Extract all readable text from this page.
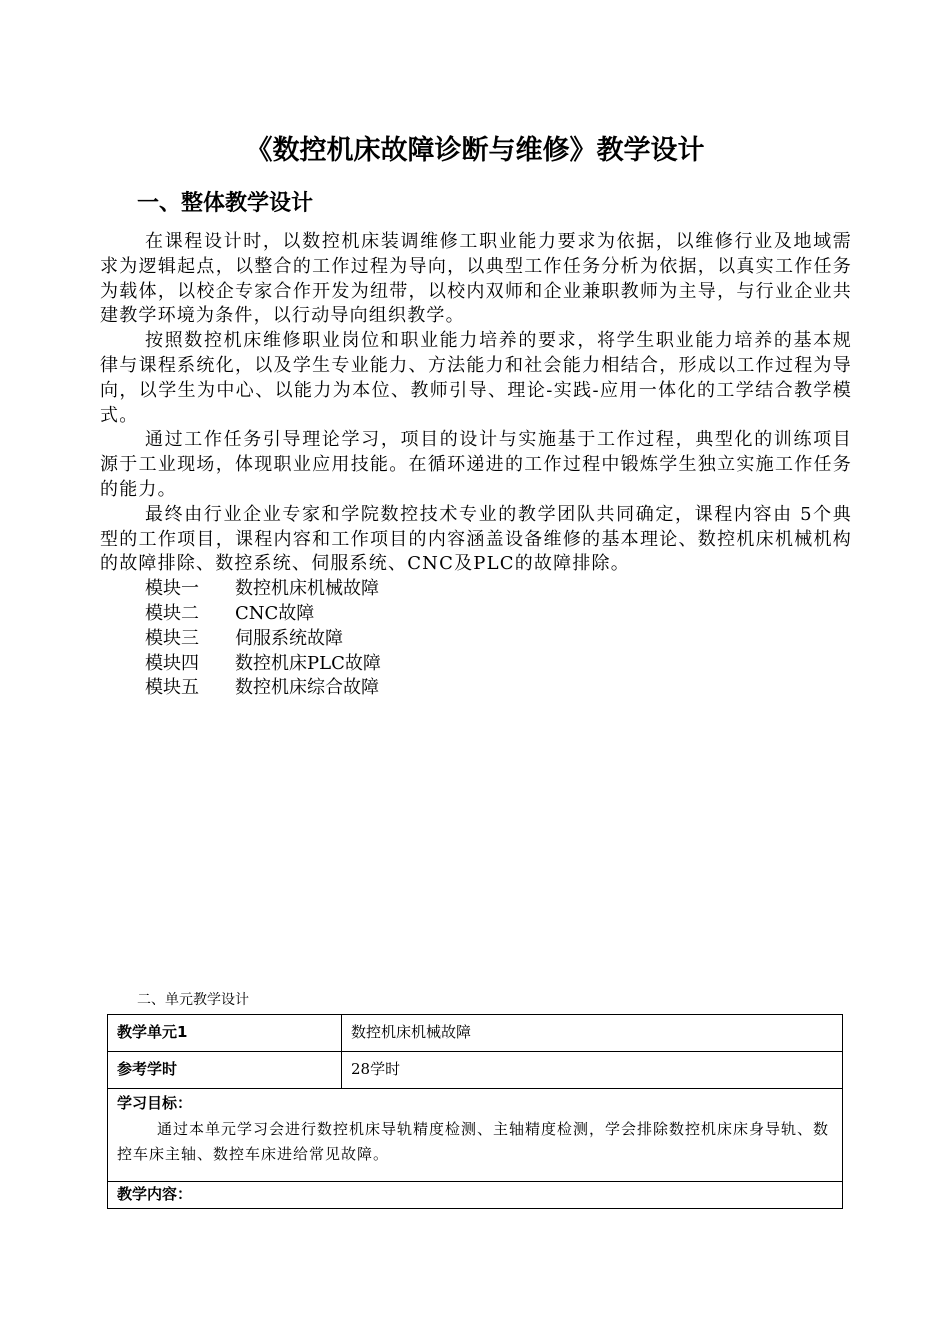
《数控机床故障诊断与维修》教学设计
一、整体教学设计

在课程设计时，以数控机床装调维修工职业能力要求为依据，以维修行业及地域需求为逻辑起点，以整合的工作过程为导向，以典型工作任务分析为依据，以真实工作任务为载体，以校企专家合作开发为纽带，以校内双师和企业兼职教师为主导，与行业企业共建教学环境为条件，以行动导向组织教学。

按照数控机床维修职业岗位和职业能力培养的要求，将学生职业能力培养的基本规律与课程系统化，以及学生专业能力、方法能力和社会能力相结合，形成以工作过程为导向，以学生为中心、以能力为本位、教师引导、理论-实践-应用一体化的工学结合教学模式。

通过工作任务引导理论学习，项目的设计与实施基于工作过程，典型化的训练项目源于工业现场，体现职业应用技能。在循环递进的工作过程中锻炼学生独立实施工作任务的能力。

最终由行业企业专家和学院数控技术专业的教学团队共同确定，课程内容由 5个典型的工作项目，课程内容和工作项目的内容涵盖设备维修的基本理论、数控机床机械机构的故障排除、数控系统、伺服系统、CNC及PLC的故障排除。

模块一 数控机床机械故障
模块二 CNC故障
模块三 伺服系统故障
模块四 数控机床PLC故障
模块五 数控机床综合故障
二、单元教学设计
教学单元1	数控机床机械故障
参考学时	28学时

学习目标：

通过本单元学习会进行数控机床导轨精度检测、主轴精度检测，学会排除数控机床床身导轨、数控车床主轴、数控车床进给常见故障。	

教学内容：	
